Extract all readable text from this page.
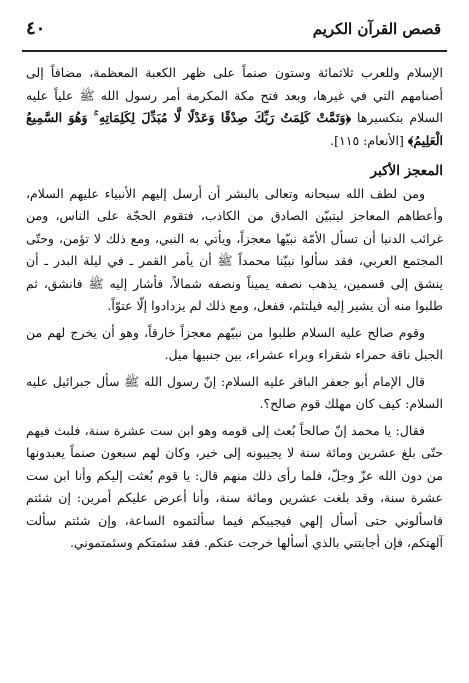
قصص القرآن الكريم
٤٠

الإسلام وللعرب ثلاثمائة وستون صنماً على ظهر الكعبة المعظمة، مضافاً إلى أصنامهم التي في غيرها، وبعد فتح مكة المكرمة أمر رسول الله ﷺ علياً عليه السلام بتكسيرها ﴿وَتَمَّتْ كَلِمَتُ رَبِّكَ صِدْقًا وَعَدْلًا لَّا مُبَدِّلَ لِكَلِمَاتِهِ ۚ وَهُوَ السَّمِيعُ الْعَلِيمُ﴾ [الأنعام: ١١٥].

المعجز الأكبر

ومن لطف الله سبحانه وتعالى بالبشر أن أرسل إليهم الأنبياء عليهم السلام، وأعطاهم المعاجز ليتبيّن الصادق من الكاذب، فتقوم الحجّة على الناس، ومن غرائب الدنيا أن تسأل الأمّة نبيّها معجزاً، ويأتي به النبي، ومع ذلك لا تؤمن، وحتّى المجتمع العربي، فقد سألوا نبيّنا محمداً ﷺ أن يأمر القمر ـ في ليلة البدر ـ أن ينشق إلى قسمين، يذهب نصفه يميناً ونصفه شمالاً، فأشار إليه ﷺ فانشق، ثم طلبوا منه أن يشير إليه فيلتئم، ففعل، ومع ذلك لم يزدادوا إلّا عتوّاً.

وقوم صالح عليه السلام طلبوا من نبيّهم معجزاً خارقاً، وهو أن يخرج لهم من الجبل ناقة حمراء شقراء وبراء عشراء، بين جنبيها ميل.

قال الإمام أبو جعفر الباقر عليه السلام: إنّ رسول الله ﷺ سأل جبرائيل عليه السلام: كيف كان مهلك قوم صالح؟.

فقال: يا محمد إنّ صالحاً بُعث إلى قومه وهو ابن ست عشرة سنة، فلبث فيهم حتّى بلغ عشرين ومائة سنة لا يجيبونه إلى خير، وكان لهم سبعون صنماً يعبدونها من دون الله عزّ وجلّ، فلما رأى ذلك منهم قال: يا قوم بُعثت إليكم وأنا ابن ست عشرة سنة، وقد بلغت عشرين ومائة سنة، وأنا أعرض عليكم أمرين: إن شئتم فاسألوني حتى أسأل إلهي فيجيبكم فيما سألتموه الساعة، وإن شئتم سألت آلهتكم، فإن أجابتني بالذي أسألها خرجت عنكم. فقد سئمتكم وسئمتموني.
